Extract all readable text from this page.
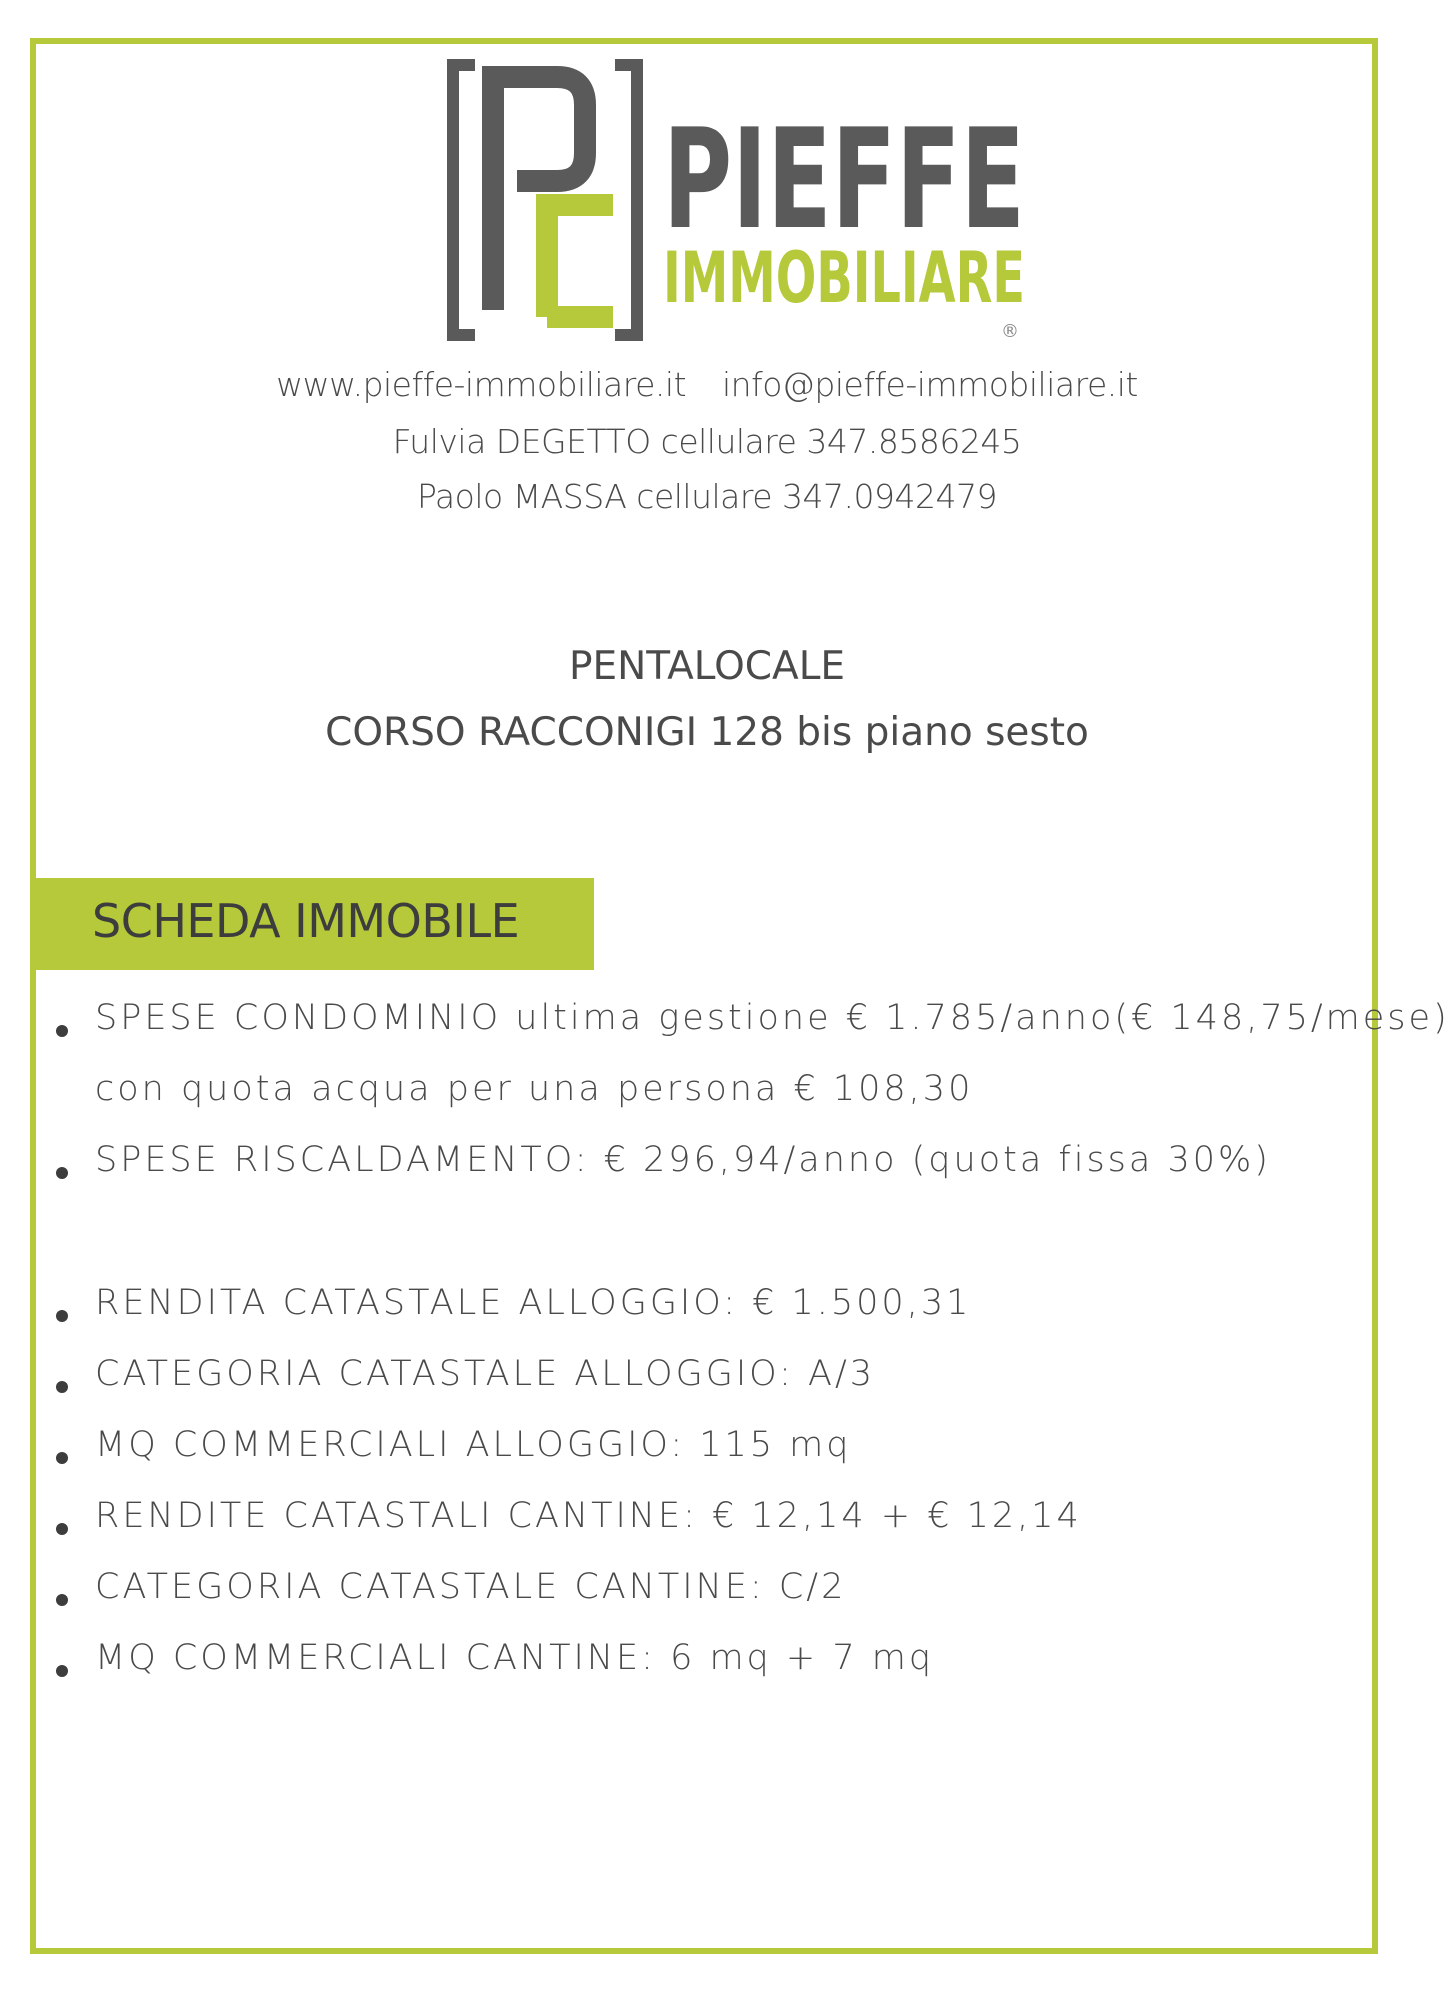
PIEFFE
IMMOBILIARE
®
www.pieffe-immobiliare.it info@pieffe-immobiliare.it
Fulvia DEGETTO cellulare 347.8586245
Paolo MASSA cellulare 347.0942479
PENTALOCALE
CORSO RACCONIGI 128 bis piano sesto
SCHEDA IMMOBILE
SPESE CONDOMINIO ultima gestione € 1.785/anno(€ 148,75/mese)
con quota acqua per una persona € 108,30
SPESE RISCALDAMENTO: € 296,94/anno (quota fissa 30%)
RENDITA CATASTALE ALLOGGIO: € 1.500,31
CATEGORIA CATASTALE ALLOGGIO: A/3
MQ COMMERCIALI ALLOGGIO: 115 mq
RENDITE CATASTALI CANTINE: € 12,14 + € 12,14
CATEGORIA CATASTALE CANTINE: C/2
MQ COMMERCIALI CANTINE: 6 mq + 7 mq
